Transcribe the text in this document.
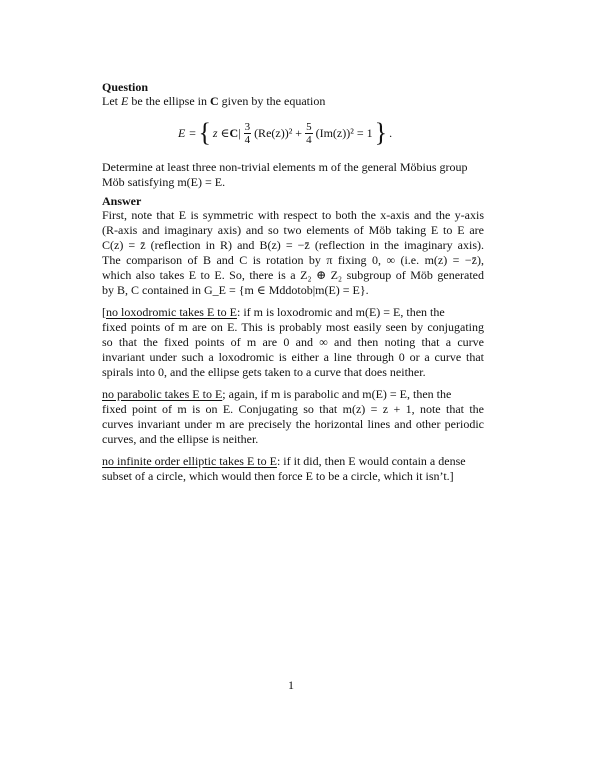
Question
Let E be the ellipse in C given by the equation
E = { z ∈ C | $\frac{3}{4} (Re(z))^2 + \frac{5}{4} (Im(z))^2 = 1$ } .
Determine at least three non-trivial elements m of the general Möbius group
Möb satisfying m(E) = E.
Answer
First, note that E is symmetric with respect to both the x-axis and the y-axis
(R-axis and imaginary axis) and so two elements of Möb taking E to E are
C(z) = z̄ (reflection in R) and B(z) = −z̄ (reflection in the imaginary axis).
The comparison of B and C is rotation by π fixing 0, ∞ (i.e. m(z) = −z̄),
which also takes E to E. So, there is a Z₂ ⊕ Z₂ subgroup of Möb generated
by B, C contained in G_E = {m ∈ Mddotob|m(E) = E}.
[no loxodromic takes E to E: if m is loxodromic and m(E) = E, then the
fixed points of m are on E. This is probably most easily seen by conjugating
so that the fixed points of m are 0 and ∞ and then noting that a curve
invariant under such a loxodromic is either a line through 0 or a curve that
spirals into 0, and the ellipse gets taken to a curve that does neither.
no parabolic takes E to E; again, if m is parabolic and m(E) = E, then the
fixed point of m is on E. Conjugating so that m(z) = z + 1, note that the
curves invariant under m are precisely the horizontal lines and other periodic
curves, and the ellipse is neither.
no infinite order elliptic takes E to E: if it did, then E would contain a dense
subset of a circle, which would then force E to be a circle, which it isn’t.]
1
